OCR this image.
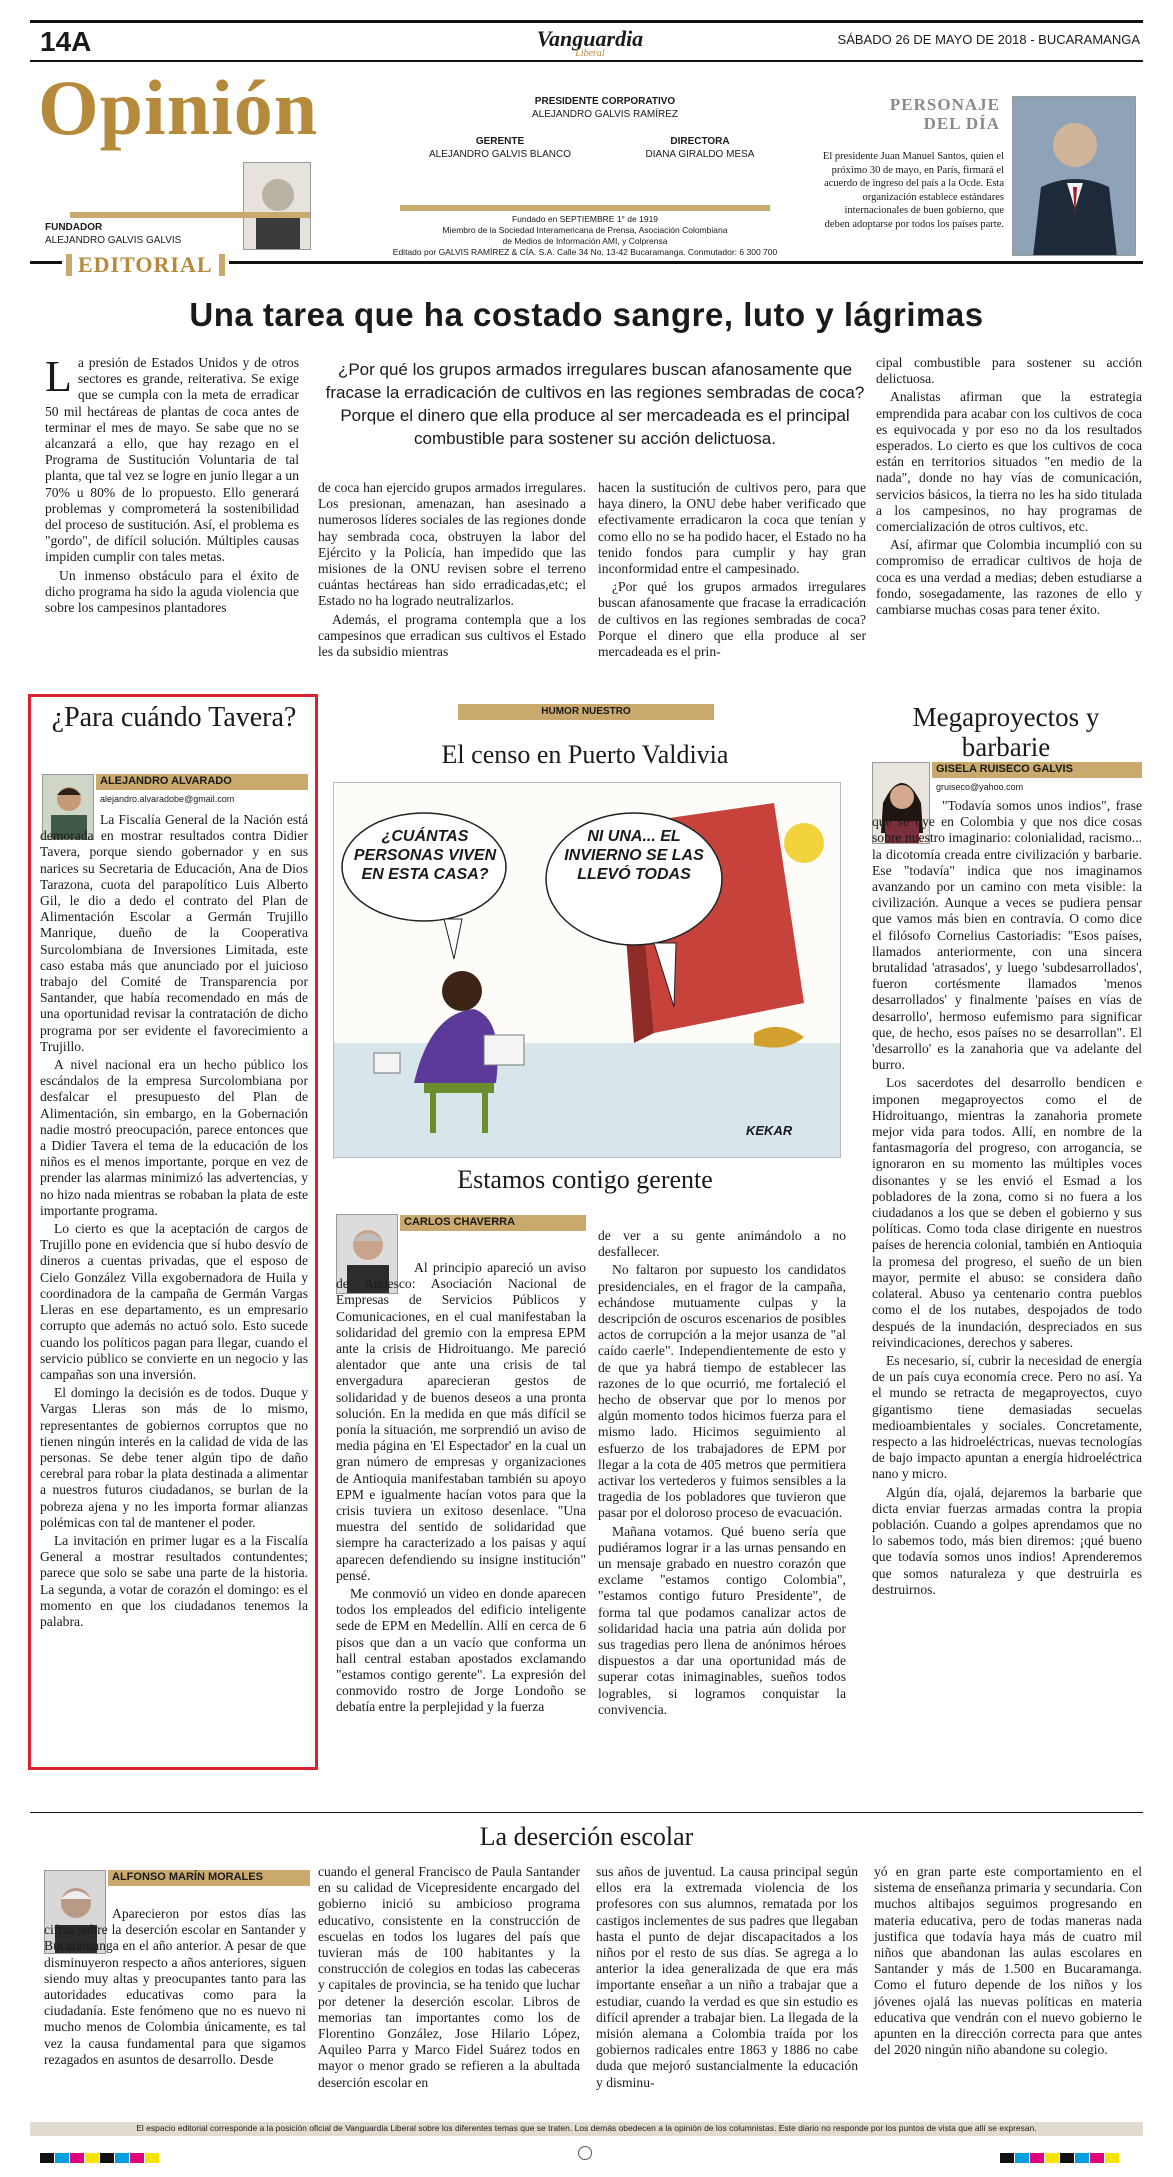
14A	Vanguardia
Liberal
SÁBADO 26 DE MAYO DE 2018 - BUCARAMANGA
Opinión	PRESIDENTE CORPORATIVO
ALEJANDRO GALVIS RAMÍREZ
GERENTE
ALEJANDRO GALVIS BLANCO
DIRECTORA
DIANA GIRALDO MESA
Fundado en SEPTIEMBRE 1° de 1919
Miembro de la Sociedad Interamericana de Prensa, Asociación Colombiana
de Medios de Información AMI, y Colprensa
Editado por GALVIS RAMÍREZ & CÍA. S.A. Calle 34 No. 13-42 Bucaramanga. Conmutador: 6 300 700
FUNDADOR
ALEJANDRO GALVIS GALVIS
PERSONAJE
DEL DÍA
El presidente Juan Manuel Santos, quien el próximo 30 de mayo, en París, firmará el acuerdo de ingreso del país a la Ocde. Esta organización establece estándares internacionales de buen gobierno, que deben adoptarse por todos los países parte.
EDITORIAL
Una tarea que ha costado sangre, luto y lágrimas

La presión de Estados Unidos y de otros sectores es grande, reiterativa. Se exige que se cumpla con la meta de erradicar 50 mil hectáreas de plantas de coca antes de terminar el mes de mayo. Se sabe que no se alcanzará a ello, que hay rezago en el Programa de Sustitución Voluntaria de tal planta, que tal vez se logre en junio llegar a un 70% u 80% de lo propuesto. Ello generará problemas y comprometerá la sostenibilidad del proceso de sustitución. Así, el problema es "gordo", de difícil solución. Múltiples causas impiden cumplir con tales metas.

Un inmenso obstáculo para el éxito de dicho programa ha sido la aguda violencia que sobre los campesinos plantadores

¿Por qué los grupos armados irregulares buscan afanosamente que fracase la erradicación de cultivos en las regiones sembradas de coca? Porque el dinero que ella produce al ser mercadeada es el principal combustible para sostener su acción delictuosa.

de coca han ejercido grupos armados irregulares. Los presionan, amenazan, han asesinado a numerosos líderes sociales de las regiones donde hay sembrada coca, obstruyen la labor del Ejército y la Policía, han impedido que las misiones de la ONU revisen sobre el terreno cuántas hectáreas han sido erradicadas,etc; el Estado no ha logrado neutralizarlos.

Además, el programa contempla que a los campesinos que erradican sus cultivos el Estado les da subsidio mientras

hacen la sustitución de cultivos pero, para que haya dinero, la ONU debe haber verificado que efectivamente erradicaron la coca que tenían y como ello no se ha podido hacer, el Estado no ha tenido fondos para cumplir y hay gran inconformidad entre el campesinado.

¿Por qué los grupos armados irregulares buscan afanosamente que fracase la erradicación de cultivos en las regiones sembradas de coca? Porque el dinero que ella produce al ser mercadeada es el prin-

cipal combustible para sostener su acción delictuosa.

Analistas afirman que la estrategia emprendida para acabar con los cultivos de coca es equivocada y por eso no da los resultados esperados. Lo cierto es que los cultivos de coca están en territorios situados "en medio de la nada", donde no hay vías de comunicación, servicios básicos, la tierra no les ha sido titulada a los campesinos, no hay programas de comercialización de otros cultivos, etc.

Así, afirmar que Colombia incumplió con su compromiso de erradicar cultivos de hoja de coca es una verdad a medias; deben estudiarse a fondo, sosegadamente, las razones de ello y cambiarse muchas cosas para tener éxito.

¿Para cuándo Tavera?
ALEJANDRO ALVARADO
alejandro.alvaradobe@gmail.com

La Fiscalía General de la Nación está demorada en mostrar resultados contra Didier Tavera, porque siendo gobernador y en sus narices su Secretaria de Educación, Ana de Dios Tarazona, cuota del parapolítico Luis Alberto Gil, le dio a dedo el contrato del Plan de Alimentación Escolar a Germán Trujillo Manrique, dueño de la Cooperativa Surcolombiana de Inversiones Limitada, este caso estaba más que anunciado por el juicioso trabajo del Comité de Transparencia por Santander, que había recomendado en más de una oportunidad revisar la contratación de dicho programa por ser evidente el favorecimiento a Trujillo.

A nivel nacional era un hecho público los escándalos de la empresa Surcolombiana por desfalcar el presupuesto del Plan de Alimentación, sin embargo, en la Gobernación nadie mostró preocupación, parece entonces que a Didier Tavera el tema de la educación de los niños es el menos importante, porque en vez de prender las alarmas minimizó las advertencias, y no hizo nada mientras se robaban la plata de este importante programa.

Lo cierto es que la aceptación de cargos de Trujillo pone en evidencia que sí hubo desvío de dineros a cuentas privadas, que el esposo de Cielo González Villa exgobernadora de Huila y coordinadora de la campaña de Germán Vargas Lleras en ese departamento, es un empresario corrupto que además no actuó solo. Esto sucede cuando los políticos pagan para llegar, cuando el servicio público se convierte en un negocio y las campañas son una inversión.

El domingo la decisión es de todos. Duque y Vargas Lleras son más de lo mismo, representantes de gobiernos corruptos que no tienen ningún interés en la calidad de vida de las personas. Se debe tener algún tipo de daño cerebral para robar la plata destinada a alimentar a nuestros futuros ciudadanos, se burlan de la pobreza ajena y no les importa formar alianzas polémicas con tal de mantener el poder.

La invitación en primer lugar es a la Fiscalía General a mostrar resultados contundentes; parece que solo se sabe una parte de la historia. La segunda, a votar de corazón el domingo: es el momento en que los ciudadanos tenemos la palabra.

HUMOR NUESTRO
El censo en Puerto Valdivia
¿CUÁNTAS PERSONAS VIVEN EN ESTA CASA?
NI UNA... EL INVIERNO SE LAS LLEVÓ TODAS
KEKAR
Estamos contigo gerente
CARLOS CHAVERRA

Al principio apareció un aviso de Andesco: Asociación Nacional de Empresas de Servicios Públicos y Comunicaciones, en el cual manifestaban la solidaridad del gremio con la empresa EPM ante la crisis de Hidroituango. Me pareció alentador que ante una crisis de tal envergadura aparecieran gestos de solidaridad y de buenos deseos a una pronta solución. En la medida en que más difícil se ponía la situación, me sorprendió un aviso de media página en 'El Espectador' en la cual un gran número de empresas y organizaciones de Antioquia manifestaban también su apoyo EPM e igualmente hacían votos para que la crisis tuviera un exitoso desenlace. "Una muestra del sentido de solidaridad que siempre ha caracterizado a los paisas y aquí aparecen defendiendo su insigne institución" pensé.

Me conmovió un video en donde aparecen todos los empleados del edificio inteligente sede de EPM en Medellín. Allí en cerca de 6 pisos que dan a un vacío que conforma un hall central estaban apostados exclamando "estamos contigo gerente". La expresión del conmovido rostro de Jorge Londoño se debatía entre la perplejidad y la fuerza

de ver a su gente animándolo a no desfallecer.

No faltaron por supuesto los candidatos presidenciales, en el fragor de la campaña, echándose mutuamente culpas y la descripción de oscuros escenarios de posibles actos de corrupción a la mejor usanza de "al caído caerle". Independientemente de esto y de que ya habrá tiempo de establecer las razones de lo que ocurrió, me fortaleció el hecho de observar que por lo menos por algún momento todos hicimos fuerza para el mismo lado. Hicimos seguimiento al esfuerzo de los trabajadores de EPM por llegar a la cota de 405 metros que permitiera activar los vertederos y fuimos sensibles a la tragedia de los pobladores que tuvieron que pasar por el doloroso proceso de evacuación.

Mañana votamos. Qué bueno sería que pudiéramos lograr ir a las urnas pensando en un mensaje grabado en nuestro corazón que exclame "estamos contigo Colombia", "estamos contigo futuro Presidente", de forma tal que podamos canalizar actos de solidaridad hacia una patria aún dolida por sus tragedias pero llena de anónimos héroes dispuestos a dar una oportunidad más de superar cotas inimaginables, sueños todos logrables, si logramos conquistar la convivencia.

Megaproyectos y barbarie
GISELA RUISECO GALVIS
gruiseco@yahoo.com

"Todavía somos unos indios", frase que se oye en Colombia y que nos dice cosas sobre nuestro imaginario: colonialidad, racismo... la dicotomía creada entre civilización y barbarie. Ese "todavía" indica que nos imaginamos avanzando por un camino con meta visible: la civilización. Aunque a veces se pudiera pensar que vamos más bien en contravía. O como dice el filósofo Cornelius Castoriadis: "Esos países, llamados anteriormente, con una sincera brutalidad 'atrasados', y luego 'subdesarrollados', fueron cortésmente llamados 'menos desarrollados' y finalmente 'países en vías de desarrollo', hermoso eufemismo para significar que, de hecho, esos países no se desarrollan". El 'desarrollo' es la zanahoria que va adelante del burro.

Los sacerdotes del desarrollo bendicen e imponen megaproyectos como el de Hidroituango, mientras la zanahoria promete mejor vida para todos. Allí, en nombre de la fantasmagoría del progreso, con arrogancia, se ignoraron en su momento las múltiples voces disonantes y se les envió el Esmad a los pobladores de la zona, como si no fuera a los ciudadanos a los que se deben el gobierno y sus políticas. Como toda clase dirigente en nuestros países de herencia colonial, también en Antioquia la promesa del progreso, el sueño de un bien mayor, permite el abuso: se considera daño colateral. Abuso ya centenario contra pueblos como el de los nutabes, despojados de todo después de la inundación, despreciados en sus reivindicaciones, derechos y saberes.

Es necesario, sí, cubrir la necesidad de energía de un país cuya economía crece. Pero no así. Ya el mundo se retracta de megaproyectos, cuyo gigantismo tiene demasiadas secuelas medioambientales y sociales. Concretamente, respecto a las hidroeléctricas, nuevas tecnologías de bajo impacto apuntan a energía hidroeléctrica nano y micro.

Algún día, ojalá, dejaremos la barbarie que dicta enviar fuerzas armadas contra la propia población. Cuando a golpes aprendamos que no lo sabemos todo, más bien diremos: ¡qué bueno que todavía somos unos indios! Aprenderemos que somos naturaleza y que destruirla es destruirnos.

La deserción escolar
ALFONSO MARÍN MORALES

Aparecieron por estos días las cifras sobre la deserción escolar en Santander y Bucaramanga en el año anterior. A pesar de que disminuyeron respecto a años anteriores, siguen siendo muy altas y preocupantes tanto para las autoridades educativas como para la ciudadanía. Este fenómeno que no es nuevo ni mucho menos de Colombia únicamente, es tal vez la causa fundamental para que sigamos rezagados en asuntos de desarrollo. Desde

cuando el general Francisco de Paula Santander en su calidad de Vicepresidente encargado del gobierno inició su ambicioso programa educativo, consistente en la construcción de escuelas en todos los lugares del país que tuvieran más de 100 habitantes y la construcción de colegios en todas las cabeceras y capitales de provincia, se ha tenido que luchar por detener la deserción escolar. Libros de memorias tan importantes como los de Florentino González, Jose Hilario López, Aquileo Parra y Marco Fidel Suárez todos en mayor o menor grado se refieren a la abultada deserción escolar en

sus años de juventud. La causa principal según ellos era la extremada violencia de los profesores con sus alumnos, rematada por los castigos inclementes de sus padres que llegaban hasta el punto de dejar discapacitados a los niños por el resto de sus días. Se agrega a lo anterior la idea generalizada de que era más importante enseñar a un niño a trabajar que a estudiar, cuando la verdad es que sin estudio es difícil aprender a trabajar bien. La llegada de la misión alemana a Colombia traída por los gobiernos radicales entre 1863 y 1886 no cabe duda que mejoró sustancialmente la educación y disminu-

yó en gran parte este comportamiento en el sistema de enseñanza primaria y secundaria. Con muchos altibajos seguimos progresando en materia educativa, pero de todas maneras nada justifica que todavía haya más de cuatro mil niños que abandonan las aulas escolares en Santander y más de 1.500 en Bucaramanga. Como el futuro depende de los niños y los jóvenes ojalá las nuevas políticas en materia educativa que vendrán con el nuevo gobierno le apunten en la dirección correcta para que antes del 2020 ningún niño abandone su colegio.

El espacio editorial corresponde a la posición oficial de Vanguardia Liberal sobre los diferentes temas que se traten. Los demás obedecen a la opinión de los columnistas. Este diario no responde por los puntos de vista que allí se expresan.
